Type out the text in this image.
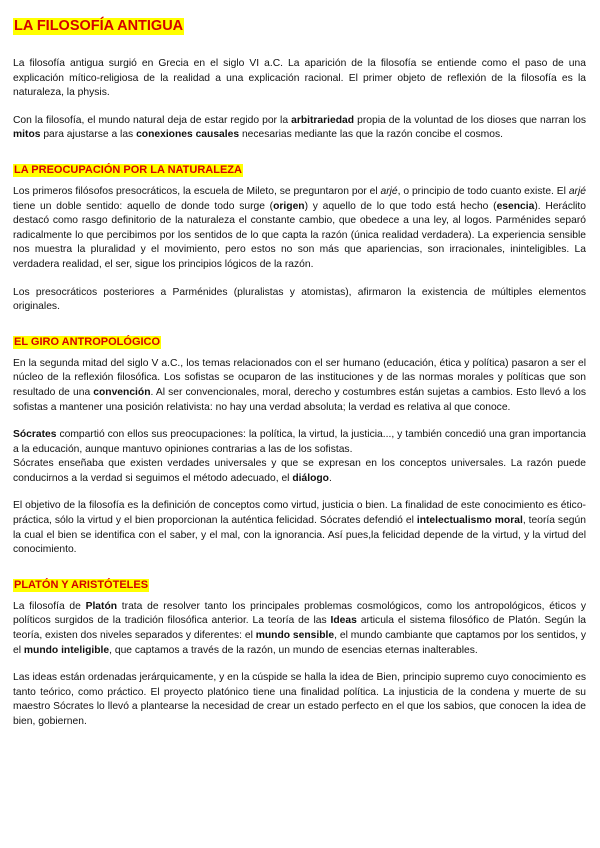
LA FILOSOFÍA ANTIGUA

La filosofía antigua surgió en Grecia en el siglo VI a.C. La aparición de la filosofía se entiende como el paso de una explicación mítico-religiosa de la realidad a una explicación racional. El primer objeto de reflexión de la filosofía es la naturaleza, la physis.

Con la filosofía, el mundo natural deja de estar regido por la arbitrariedad propia de la voluntad de los dioses que narran los mitos para ajustarse a las conexiones causales necesarias mediante las que la razón concibe el cosmos.

LA PREOCUPACIÓN POR LA NATURALEZA

Los primeros filósofos presocráticos, la escuela de Mileto, se preguntaron por el arjé, o principio de todo cuanto existe. El arjé tiene un doble sentido: aquello de donde todo surge (origen) y aquello de lo que todo está hecho (esencia). Heráclito destacó como rasgo definitorio de la naturaleza el constante cambio, que obedece a una ley, al logos. Parménides separó radicalmente lo que percibimos por los sentidos de lo que capta la razón (única realidad verdadera). La experiencia sensible nos muestra la pluralidad y el movimiento, pero estos no son más que apariencias, son irracionales, ininteligibles. La verdadera realidad, el ser, sigue los principios lógicos de la razón.

Los presocráticos posteriores a Parménides (pluralistas y atomistas), afirmaron la existencia de múltiples elementos originales.

EL GIRO ANTROPOLÓGICO

En la segunda mitad del siglo V a.C., los temas relacionados con el ser humano (educación, ética y política) pasaron a ser el núcleo de la reflexión filosófica. Los sofistas se ocuparon de las instituciones y de las normas morales y políticas que son resultado de una convención. Al ser convencionales, moral, derecho y costumbres están sujetas a cambios. Esto llevó a los sofistas a mantener una posición relativista: no hay una verdad absoluta; la verdad es relativa al que conoce.

Sócrates compartió con ellos sus preocupaciones: la política, la virtud, la justicia..., y también concedió una gran importancia a la educación, aunque mantuvo opiniones contrarias a las de los sofistas.

Sócrates enseñaba que existen verdades universales y que se expresan en los conceptos universales. La razón puede conducirnos a la verdad si seguimos el método adecuado, el diálogo.

El objetivo de la filosofía es la definición de conceptos como virtud, justicia o bien. La finalidad de este conocimiento es ético-práctica, sólo la virtud y el bien proporcionan la auténtica felicidad. Sócrates defendió el intelectualismo moral, teoría según la cual el bien se identifica con el saber, y el mal, con la ignorancia. Así pues,la felicidad depende de la virtud, y la virtud del conocimiento.

PLATÓN Y ARISTÓTELES

La filosofía de Platón trata de resolver tanto los principales problemas cosmológicos, como los antropológicos, éticos y políticos surgidos de la tradición filosófica anterior. La teoría de las Ideas articula el sistema filosófico de Platón. Según la teoría, existen dos niveles separados y diferentes: el mundo sensible, el mundo cambiante que captamos por los sentidos, y el mundo inteligible, que captamos a través de la razón, un mundo de esencias eternas inalterables.

Las ideas están ordenadas jerárquicamente, y en la cúspide se halla la idea de Bien, principio supremo cuyo conocimiento es tanto teórico, como práctico. El proyecto platónico tiene una finalidad política. La injusticia de la condena y muerte de su maestro Sócrates lo llevó a plantearse la necesidad de crear un estado perfecto en el que los sabios, que conocen la idea de bien, gobiernen.
